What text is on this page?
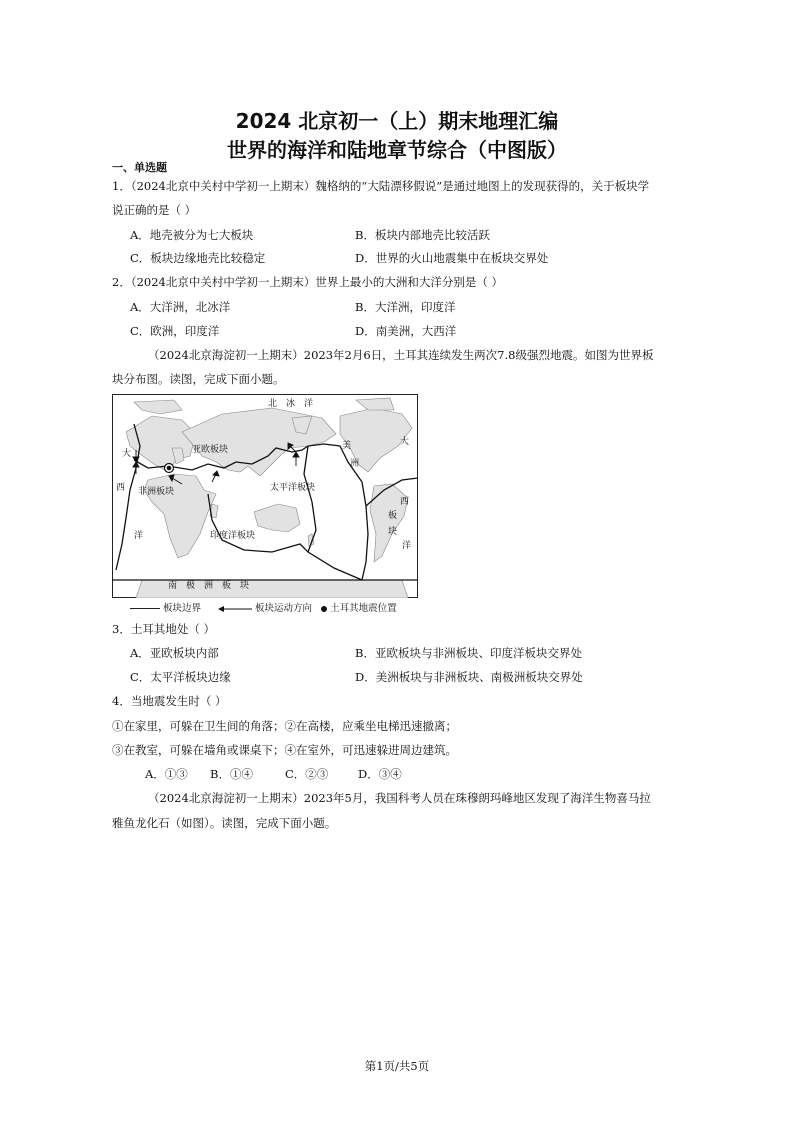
2024 北京初一（上）期末地理汇编
世界的海洋和陆地章节综合（中图版）
一、单选题
1．（2024北京中关村中学初一上期末）魏格纳的“大陆漂移假说”是通过地图上的发现获得的，关于板块学
说正确的是（ ）
A．地壳被分为七大板块	B．板块内部地壳比较活跃
C．板块边缘地壳比较稳定	D．世界的火山地震集中在板块交界处
2．（2024北京中关村中学初一上期末）世界上最小的大洲和大洋分别是（ ）
A．大洋洲，北冰洋	B．大洋洲，印度洋
C．欧洲，印度洋	D．南美洲，大西洋
（2024北京海淀初一上期末）2023年2月6日，土耳其连续发生两次7.8级强烈地震。如图为世界板
块分布图。读图，完成下面小题。
北　冰　洋
亚欧板块
非洲板块	太平洋板块
印度洋板块
南　极　洲　板　块
大
西
洋
美
洲
大
西
板
块
洋
板块边界	板块运动方向 土耳其地震位置
3．土耳其地处（ ）
A．亚欧板块内部	B．亚欧板块与非洲板块、印度洋板块交界处
C．太平洋板块边缘	D．美洲板块与非洲板块、南极洲板块交界处
4．当地震发生时（ ）
①在家里，可躲在卫生间的角落；②在高楼，应乘坐电梯迅速撤离；
③在教室，可躲在墙角或课桌下；④在室外，可迅速躲进周边建筑。
A．①③ B．①④	C．②③	D．③④
（2024北京海淀初一上期末）2023年5月，我国科考人员在珠穆朗玛峰地区发现了海洋生物喜马拉
雅鱼龙化石（如图）。读图，完成下面小题。
第1页/共5页
